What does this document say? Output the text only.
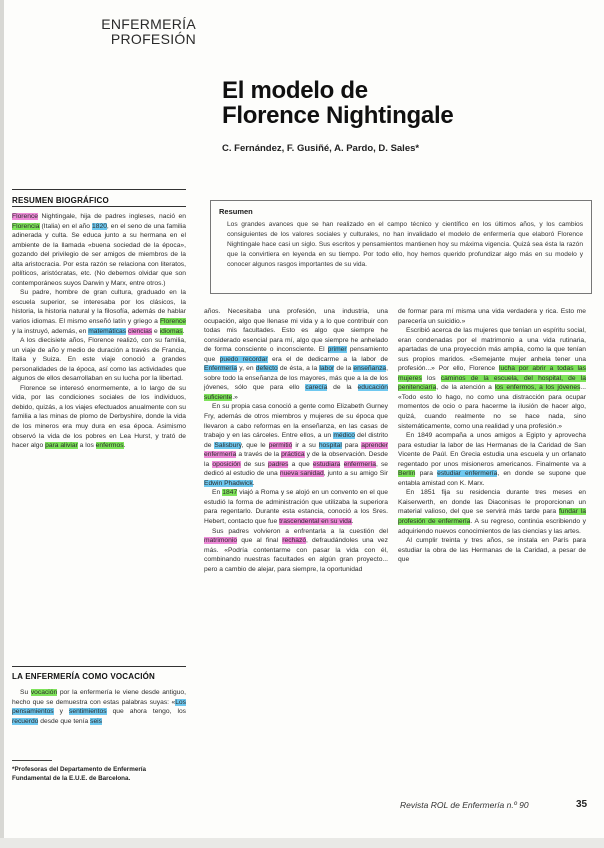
ENFERMERÍA
PROFESIÓN
El modelo de
Florence Nightingale
C. Fernández, F. Gusiñé, A. Pardo, D. Sales*
RESUMEN BIOGRÁFICO
Resumen
Los grandes avances que se han realizado en el campo técnico y científico en los últimos años, y los cambios consiguientes de los valores sociales y culturales, no han invalidado el modelo de enfermería que elaboró Florence Nightingale hace casi un siglo. Sus escritos y pensamientos mantienen hoy su máxima vigencia. Quizá sea ésta la razón que la convirtiera en leyenda en su tiempo. Por todo ello, hoy hemos querido profundizar algo más en su modelo y conocer algunos rasgos importantes de su vida.

Florence Nightingale, hija de padres ingleses, nació en Florencia (Italia) en el año 1820, en el seno de una familia adinerada y culta. Se educa junto a su hermana en el ambiente de la llamada «buena sociedad de la época», gozando del privilegio de ser amigos de miembros de la alta aristocracia. Por esta razón se relaciona con literatos, políticos, aristócratas, etc. (No debemos olvidar que son contemporáneos suyos Darwin y Marx, entre otros.)

Su padre, hombre de gran cultura, graduado en la escuela superior, se interesaba por los clásicos, la historia, la historia natural y la filosofía, además de hablar varios idiomas. El mismo enseñó latín y griego a Florence y la instruyó, además, en matemáticas ciencias e idiomas.

A los diecisiete años, Florence realizó, con su familia, un viaje de año y medio de duración a través de Francia, Italia y Suiza. En este viaje conoció a grandes personalidades de la época, así como las actividades que algunos de ellos desarrollaban en su lucha por la libertad.

Florence se interesó enormemente, a lo largo de su vida, por las condiciones sociales de los individuos, debido, quizás, a los viajes efectuados anualmente con su familia a las minas de plomo de Derbyshire, donde la vida de los mineros era muy dura en esa época. Asimismo observó la vida de los pobres en Lea Hurst, y trató de hacer algo para aliviar a los enfermos.

LA ENFERMERÍA COMO VOCACIÓN

Su vocación por la enfermería le viene desde antiguo, hecho que se demuestra con estas palabras suyas: «Los pensamientos y sentimientos que ahora tengo, los recuerdo desde que tenía seis

*Profesoras del Departamento de Enfermería Fundamental de la E.U.E. de Barcelona.

años. Necesitaba una profesión, una industria, una ocupación, algo que llenase mi vida y a lo que contribuir con todas mis facultades. Esto es algo que siempre he considerado esencial para mí, algo que siempre he anhelado de forma consciente o inconsciente. El primer pensamiento que puedo recordar era el de dedicarme a la labor de Enfermería y, en defecto de ésta, a la labor de la enseñanza, sobre todo la enseñanza de los mayores, más que a la de los jóvenes, sólo que para ello carecía de la educación suficiente.»

En su propia casa conoció a gente como Elizabeth Gurney Fry, además de otros miembros y mujeres de su época que llevaron a cabo reformas en la enseñanza, en las casas de trabajo y en las cárceles. Entre ellos, a un médico del distrito de Salisbury, que le permitió ir a su hospital para aprender enfermería a través de la práctica y de la observación. Desde la oposición de sus padres a que estudiara enfermería, se dedicó al estudio de una nueva sanidad, junto a su amigo Sir Edwin Phadwick.

En 1847 viajó a Roma y se alojó en un convento en el que estudió la forma de administración que utilizaba la superiora para regentarlo. Durante esta estancia, conoció a los Sres. Hebert, contacto que fue trascendental en su vida.

Sus padres volvieron a enfrentarla a la cuestión del matrimonio que al final rechazó, defraudándoles una vez más. «Podría contentarme con pasar la vida con él, combinando nuestras facultades en algún gran proyecto... pero a cambio de alejar, para siempre, la oportunidad

de formar para mí misma una vida verdadera y rica. Esto me parecería un suicidio.»

Escribió acerca de las mujeres que tenían un espíritu social, eran condenadas por el matrimonio a una vida rutinaria, apartadas de una proyección más amplia, como la que tenían sus propios maridos. «Semejante mujer anhela tener una profesión...» Por ello, Florence lucha por abrir a todas las mujeres los caminos de la escuela, del hospital, de la penitenciaría, de la atención a los enfermos, a los jóvenes... «Todo esto lo hago, no como una distracción para ocupar momentos de ocio o para hacerme la ilusión de hacer algo, quizá, cuando realmente no se hace nada, sino sistemáticamente, como una realidad y una profesión.»

En 1849 acompaña a unos amigos a Egipto y aprovecha para estudiar la labor de las Hermanas de la Caridad de San Vicente de Paúl. En Grecia estudia una escuela y un orfanato regentado por unos misioneros americanos. Finalmente va a Berlín para estudiar enfermería, en donde se supone que entabla amistad con K. Marx.

En 1851 fija su residencia durante tres meses en Kaiserwerth, en donde las Diaconisas le proporcionan un material valioso, del que se servirá más tarde para fundar la profesión de enfermería. A su regreso, continúa escribiendo y adquiriendo nuevos conocimientos de las ciencias y las artes.

Al cumplir treinta y tres años, se instala en París para estudiar la obra de las Hermanas de la Caridad, a pesar de que

Revista ROL de Enfermería n.º 90	35
